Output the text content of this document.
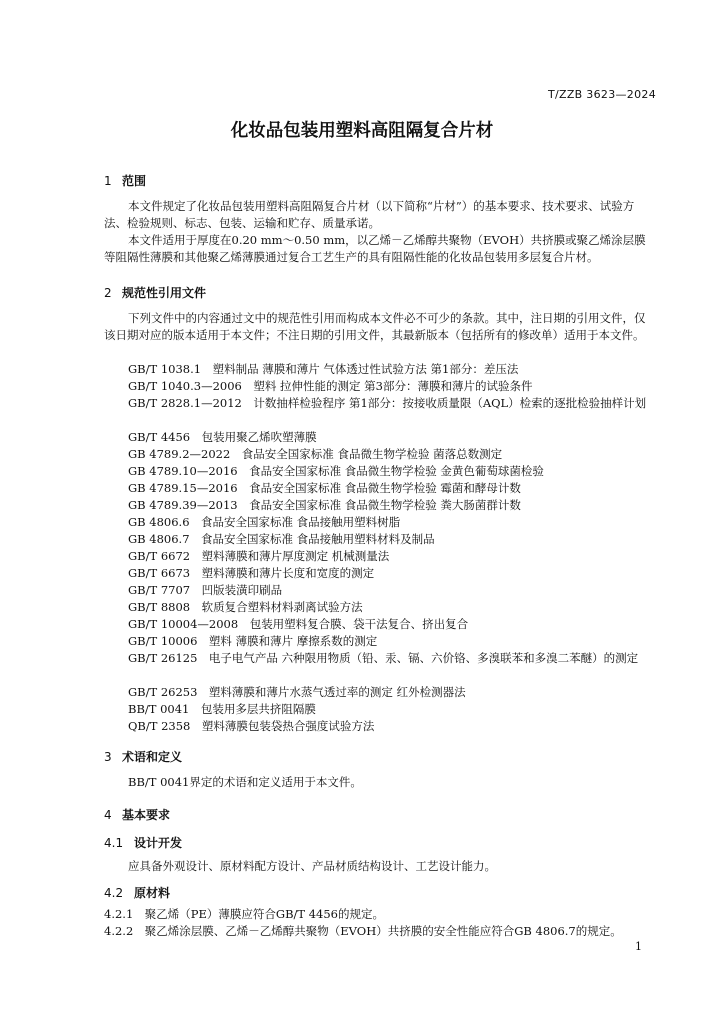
T/ZZB 3623—2024
化妆品包装用塑料高阻隔复合片材
1 范围
本文件规定了化妆品包装用塑料高阻隔复合片材（以下简称“片材”）的基本要求、技术要求、试验方法、检验规则、标志、包装、运输和贮存、质量承诺。
本文件适用于厚度在0.20 mm～0.50 mm，以乙烯－乙烯醇共聚物（EVOH）共挤膜或聚乙烯涂层膜等阻隔性薄膜和其他聚乙烯薄膜通过复合工艺生产的具有阻隔性能的化妆品包装用多层复合片材。
2 规范性引用文件
下列文件中的内容通过文中的规范性引用而构成本文件必不可少的条款。其中，注日期的引用文件，仅该日期对应的版本适用于本文件；不注日期的引用文件，其最新版本（包括所有的修改单）适用于本文件。
GB/T 1038.1　塑料制品 薄膜和薄片 气体透过性试验方法 第1部分：差压法
GB/T 1040.3—2006　塑料 拉伸性能的测定 第3部分：薄膜和薄片的试验条件
GB/T 2828.1—2012　计数抽样检验程序 第1部分：按接收质量限（AQL）检索的逐批检验抽样计划
GB/T 4456　包装用聚乙烯吹塑薄膜
GB 4789.2—2022　食品安全国家标准 食品微生物学检验 菌落总数测定
GB 4789.10—2016　食品安全国家标准 食品微生物学检验 金黄色葡萄球菌检验
GB 4789.15—2016　食品安全国家标准 食品微生物学检验 霉菌和酵母计数
GB 4789.39—2013　食品安全国家标准 食品微生物学检验 粪大肠菌群计数
GB 4806.6　食品安全国家标准 食品接触用塑料树脂
GB 4806.7　食品安全国家标准 食品接触用塑料材料及制品
GB/T 6672　塑料薄膜和薄片厚度测定 机械测量法
GB/T 6673　塑料薄膜和薄片长度和宽度的测定
GB/T 7707　凹版装潢印刷品
GB/T 8808　软质复合塑料材料剥离试验方法
GB/T 10004—2008　包装用塑料复合膜、袋干法复合、挤出复合
GB/T 10006　塑料 薄膜和薄片 摩擦系数的测定
GB/T 26125　电子电气产品 六种限用物质（铅、汞、镉、六价铬、多溴联苯和多溴二苯醚）的测定
GB/T 26253　塑料薄膜和薄片水蒸气透过率的测定 红外检测器法
BB/T 0041　包装用多层共挤阻隔膜
QB/T 2358　塑料薄膜包装袋热合强度试验方法
3 术语和定义
BB/T 0041界定的术语和定义适用于本文件。
4 基本要求
4.1 设计开发
应具备外观设计、原材料配方设计、产品材质结构设计、工艺设计能力。
4.2 原材料
4.2.1　 聚乙烯（PE）薄膜应符合GB/T 4456的规定。
4.2.2　 聚乙烯涂层膜、乙烯－乙烯醇共聚物（EVOH）共挤膜的安全性能应符合GB 4806.7的规定。
1
